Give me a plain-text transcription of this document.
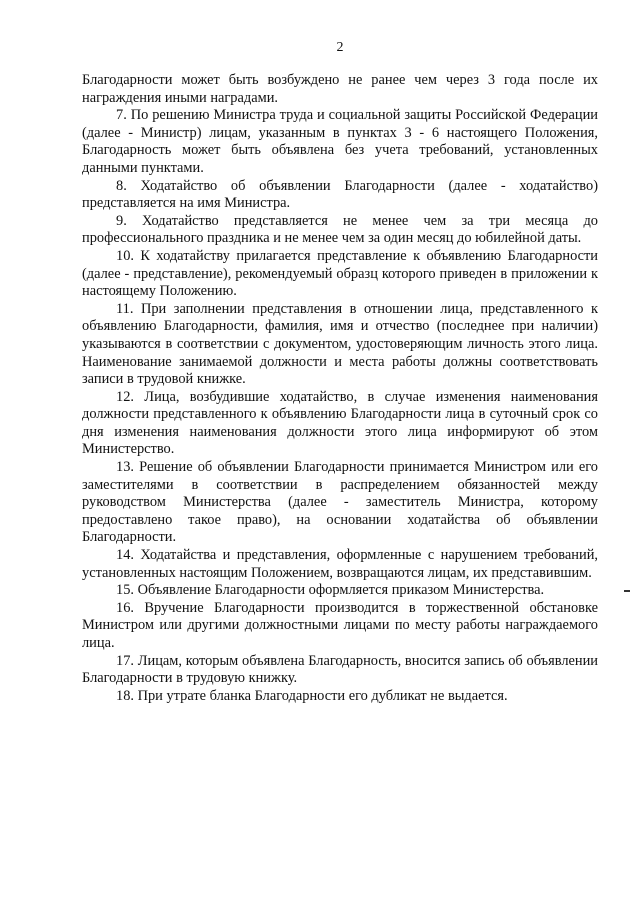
2

Благодарности может быть возбуждено не ранее чем через 3 года после их награждения иными наградами.

7. По решению Министра труда и социальной защиты Российской Федерации (далее - Министр) лицам, указанным в пунктах 3 - 6 настоящего Положения, Благодарность может быть объявлена без учета требований, установленных данными пунктами.

8. Ходатайство об объявлении Благодарности (далее - ходатайство) представляется на имя Министра.

9. Ходатайство представляется не менее чем за три месяца до профессионального праздника и не менее чем за один месяц до юбилейной даты.

10. К ходатайству прилагается представление к объявлению Благодарности (далее - представление), рекомендуемый образц которого приведен в приложении к настоящему Положению.

11. При заполнении представления в отношении лица, представленного к объявлению Благодарности, фамилия, имя и отчество (последнее при наличии) указываются в соответствии с документом, удостоверяющим личность этого лица. Наименование занимаемой должности и места работы должны соответствовать записи в трудовой книжке.

12. Лица, возбудившие ходатайство, в случае изменения наименования должности представленного к объявлению Благодарности лица в суточный срок со дня изменения наименования должности этого лица информируют об этом Министерство.

13. Решение об объявлении Благодарности принимается Министром или его заместителями в соответствии в распределением обязанностей между руководством Министерства (далее - заместитель Министра, которому предоставлено такое право), на основании ходатайства об объявлении Благодарности.

14. Ходатайства и представления, оформленные с нарушением требований, установленных настоящим Положением, возвращаются лицам, их представившим.

15. Объявление Благодарности оформляется приказом Министерства.

16. Вручение Благодарности производится в торжественной обстановке Министром или другими должностными лицами по месту работы награждаемого лица.

17. Лицам, которым объявлена Благодарность, вносится запись об объявлении Благодарности в трудовую книжку.

18. При утрате бланка Благодарности его дубликат не выдается.
